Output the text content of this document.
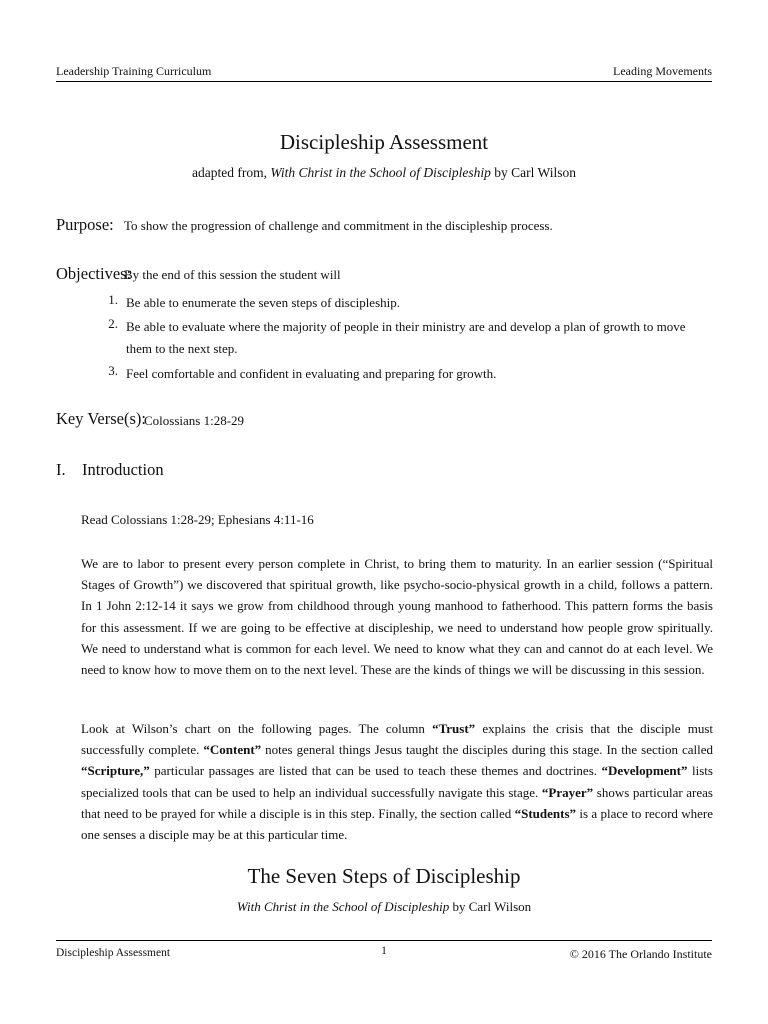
Leadership Training Curriculum	Leading Movements
Discipleship Assessment
adapted from, With Christ in the School of Discipleship by Carl Wilson
Purpose: To show the progression of challenge and commitment in the discipleship process.
Objectives:
By the end of this session the student will
1. Be able to enumerate the seven steps of discipleship.
2. Be able to evaluate where the majority of people in their ministry are and develop a plan of growth to move them to the next step.
3. Feel comfortable and confident in evaluating and preparing for growth.
Key Verse(s):
Colossians 1:28-29
I. Introduction
Read Colossians 1:28-29; Ephesians 4:11-16
We are to labor to present every person complete in Christ, to bring them to maturity. In an earlier session (“Spiritual Stages of Growth”) we discovered that spiritual growth, like psycho-socio-physical growth in a child, follows a pattern. In 1 John 2:12-14 it says we grow from childhood through young manhood to fatherhood. This pattern forms the basis for this assessment. If we are going to be effective at discipleship, we need to understand how people grow spiritually. We need to understand what is common for each level. We need to know what they can and cannot do at each level. We need to know how to move them on to the next level. These are the kinds of things we will be discussing in this session.
Look at Wilson’s chart on the following pages. The column “Trust” explains the crisis that the disciple must successfully complete. “Content” notes general things Jesus taught the disciples during this stage. In the section called “Scripture,” particular passages are listed that can be used to teach these themes and doctrines. “Development” lists specialized tools that can be used to help an individual successfully navigate this stage. “Prayer” shows particular areas that need to be prayed for while a disciple is in this step. Finally, the section called “Students” is a place to record where one senses a disciple may be at this particular time.
The Seven Steps of Discipleship
With Christ in the School of Discipleship by Carl Wilson
Discipleship Assessment	1	© 2016 The Orlando Institute
